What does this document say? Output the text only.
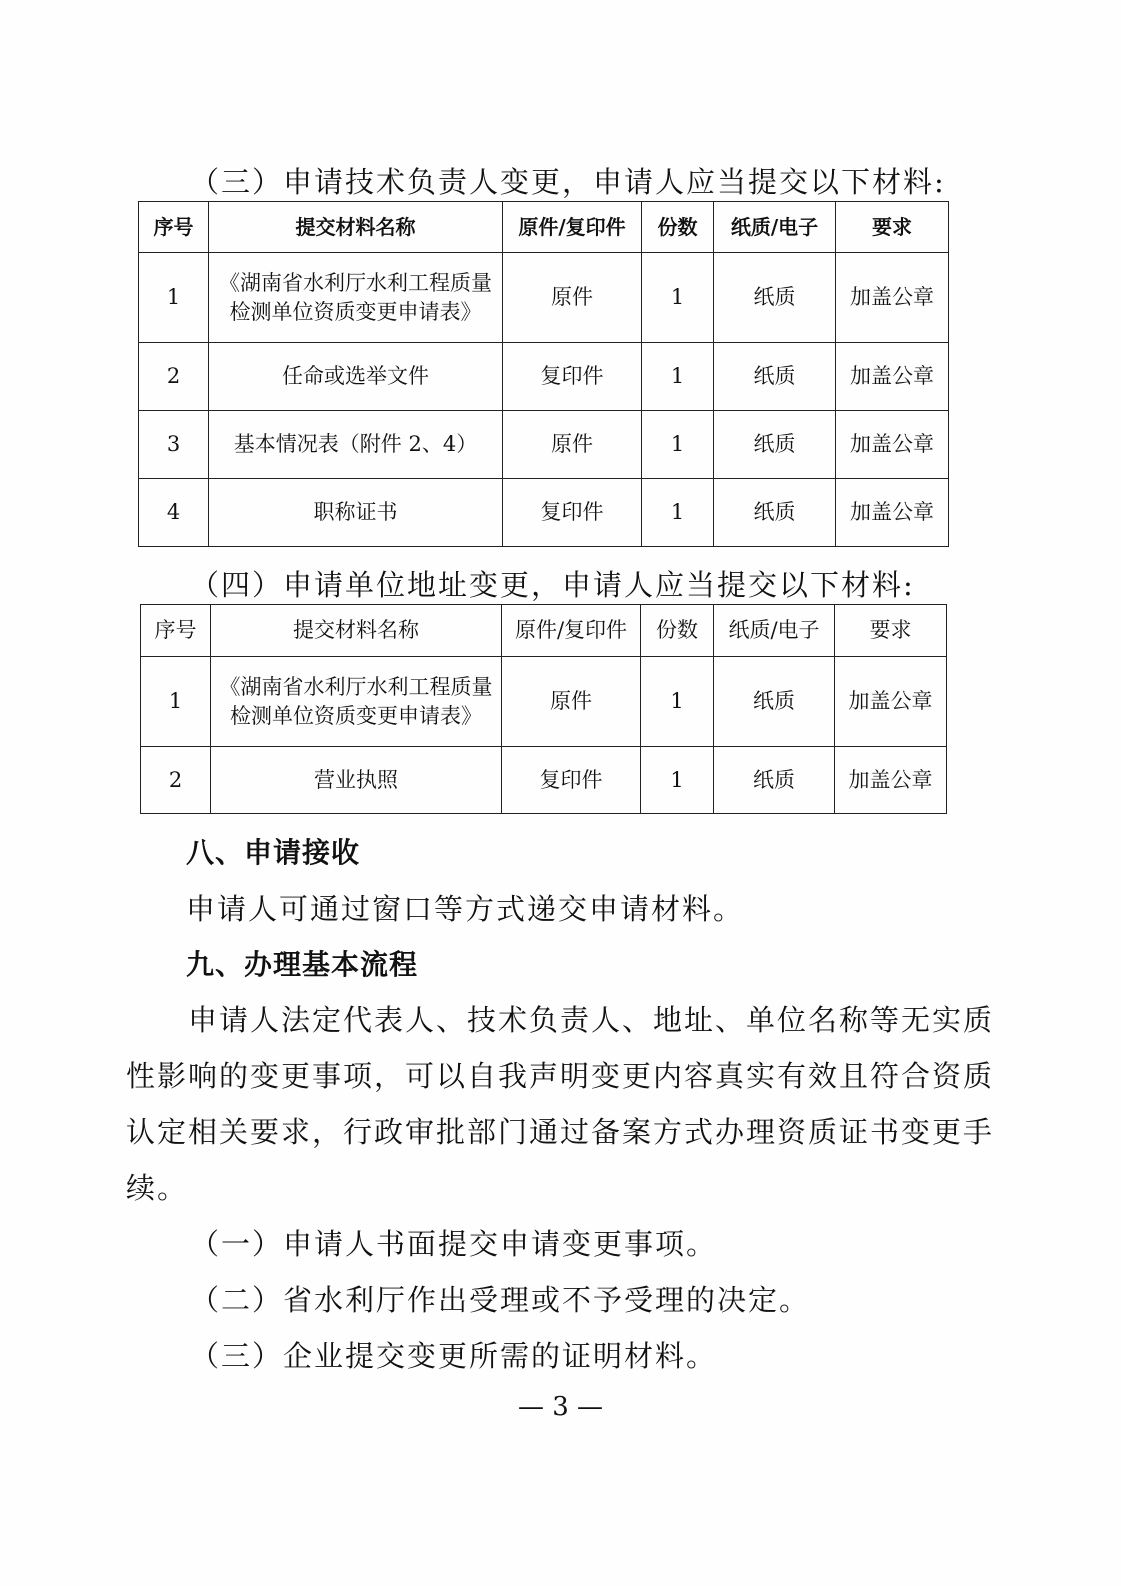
（三）申请技术负责人变更，申请人应当提交以下材料:
序号	提交材料名称	原件/复印件	份数	纸质/电子	要求
1	《湖南省水利厅水利工程质量检测单位资质变更申请表》	原件	1	纸质	加盖公章
2	任命或选举文件	复印件	1	纸质	加盖公章
3	基本情况表（附件 2、4）	原件	1	纸质	加盖公章
4	职称证书	复印件	1	纸质	加盖公章
（四）申请单位地址变更，申请人应当提交以下材料:
序号	提交材料名称	原件/复印件	份数	纸质/电子	要求
1	《湖南省水利厅水利工程质量检测单位资质变更申请表》	原件	1	纸质	加盖公章
2	营业执照	复印件	1	纸质	加盖公章
八、申请接收
申请人可通过窗口等方式递交申请材料。
九、办理基本流程
申请人法定代表人、技术负责人、地址、单位名称等无实质
性影响的变更事项，可以自我声明变更内容真实有效且符合资质
认定相关要求，行政审批部门通过备案方式办理资质证书变更手
续。
（一）申请人书面提交申请变更事项。
（二）省水利厅作出受理或不予受理的决定。
（三）企业提交变更所需的证明材料。
— 3 —
